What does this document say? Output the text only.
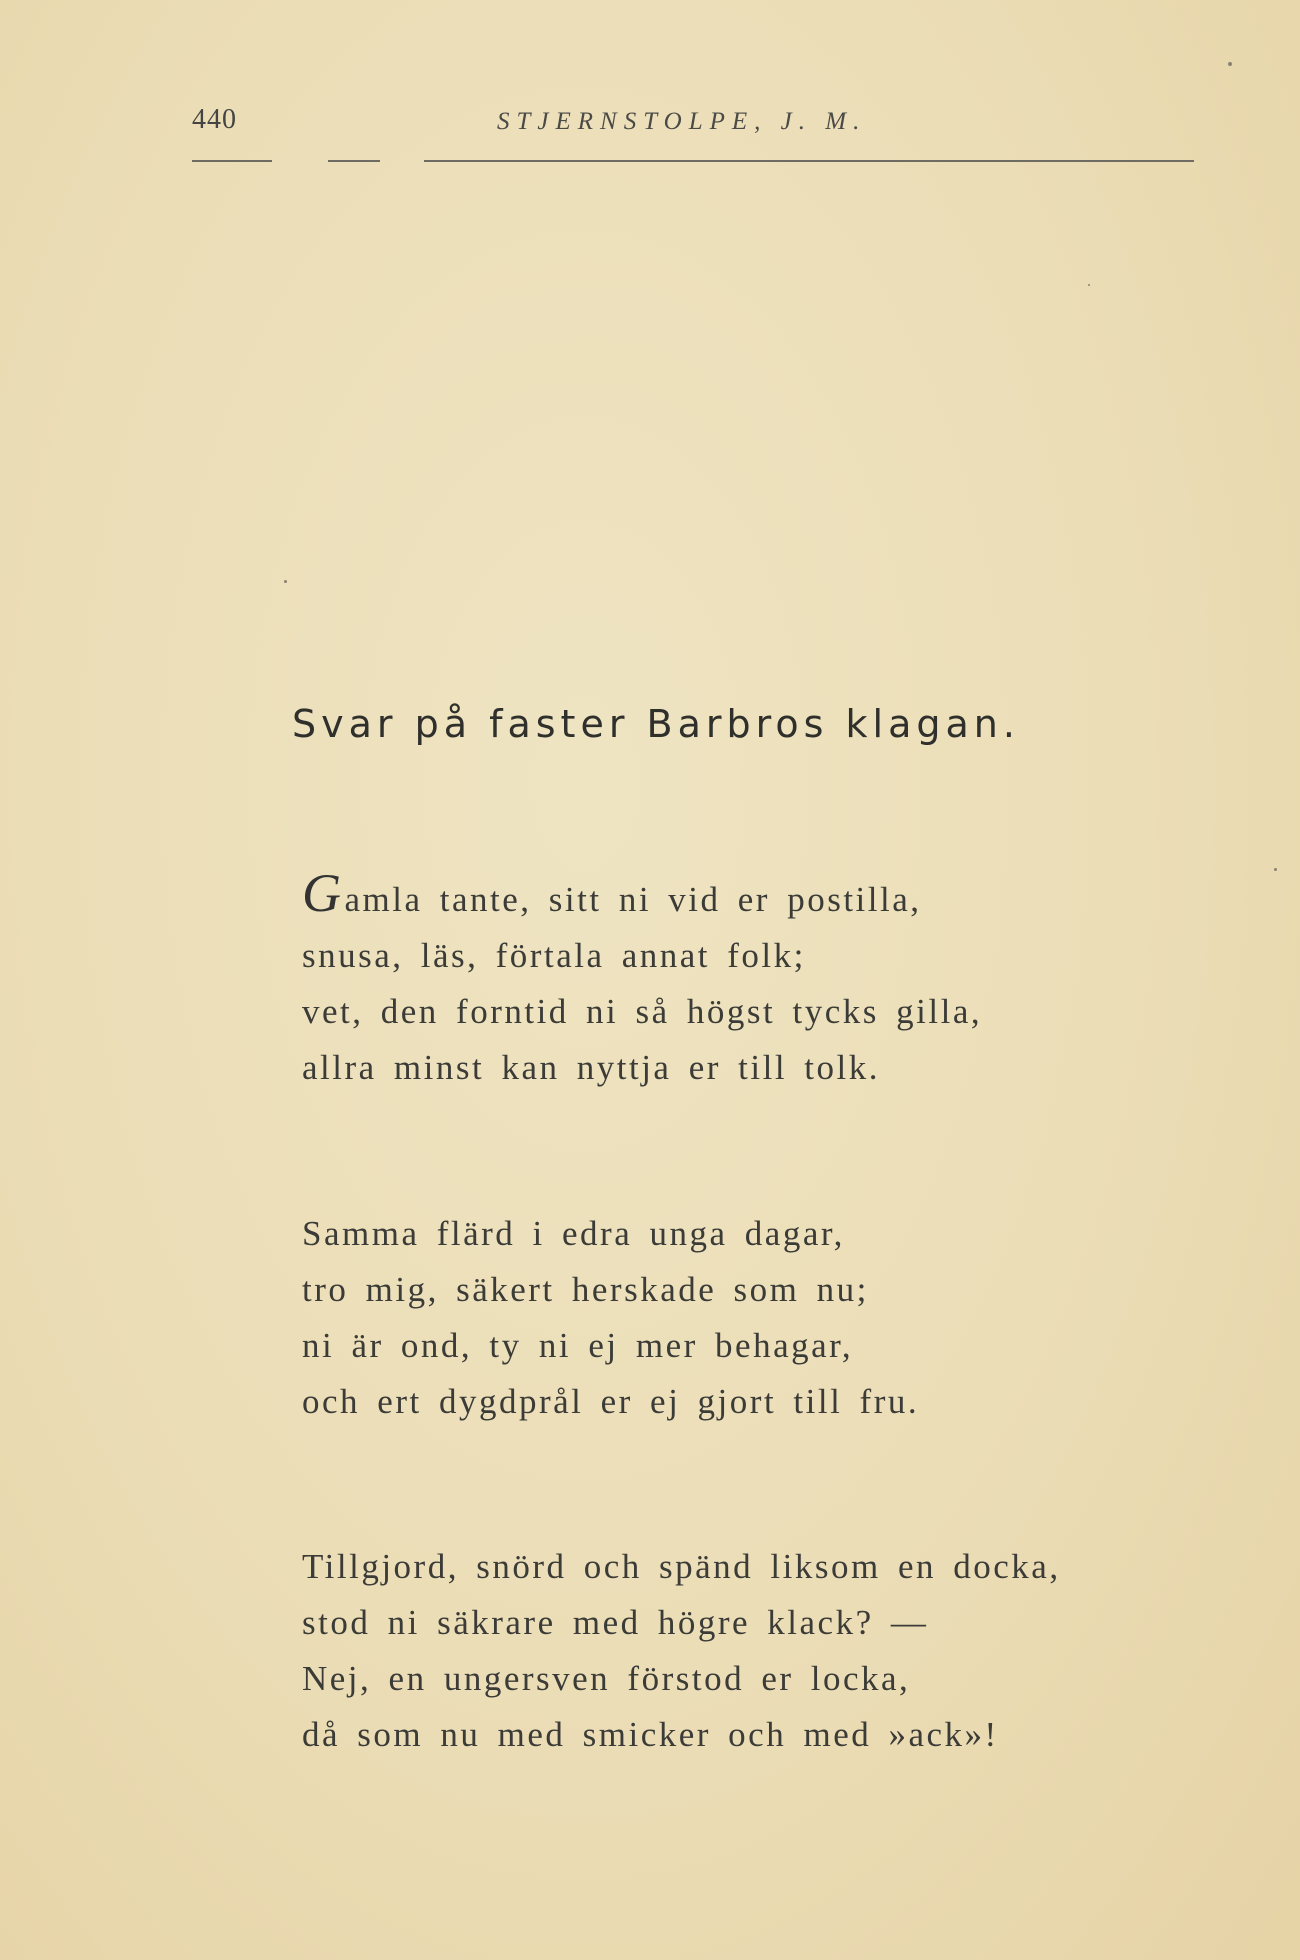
440	STJERNSTOLPE, J. M.
Svar på faster Barbros klagan.
Gamla tante, sitt ni vid er postilla,
snusa, läs, förtala annat folk;
vet, den forntid ni så högst tycks gilla,
allra minst kan nyttja er till tolk.
Samma flärd i edra unga dagar,
tro mig, säkert herskade som nu;
ni är ond, ty ni ej mer behagar,
och ert dygdprål er ej gjort till fru.
Tillgjord, snörd och spänd liksom en docka,
stod ni säkrare med högre klack? —
Nej, en ungersven förstod er locka,
då som nu med smicker och med »ack»!
